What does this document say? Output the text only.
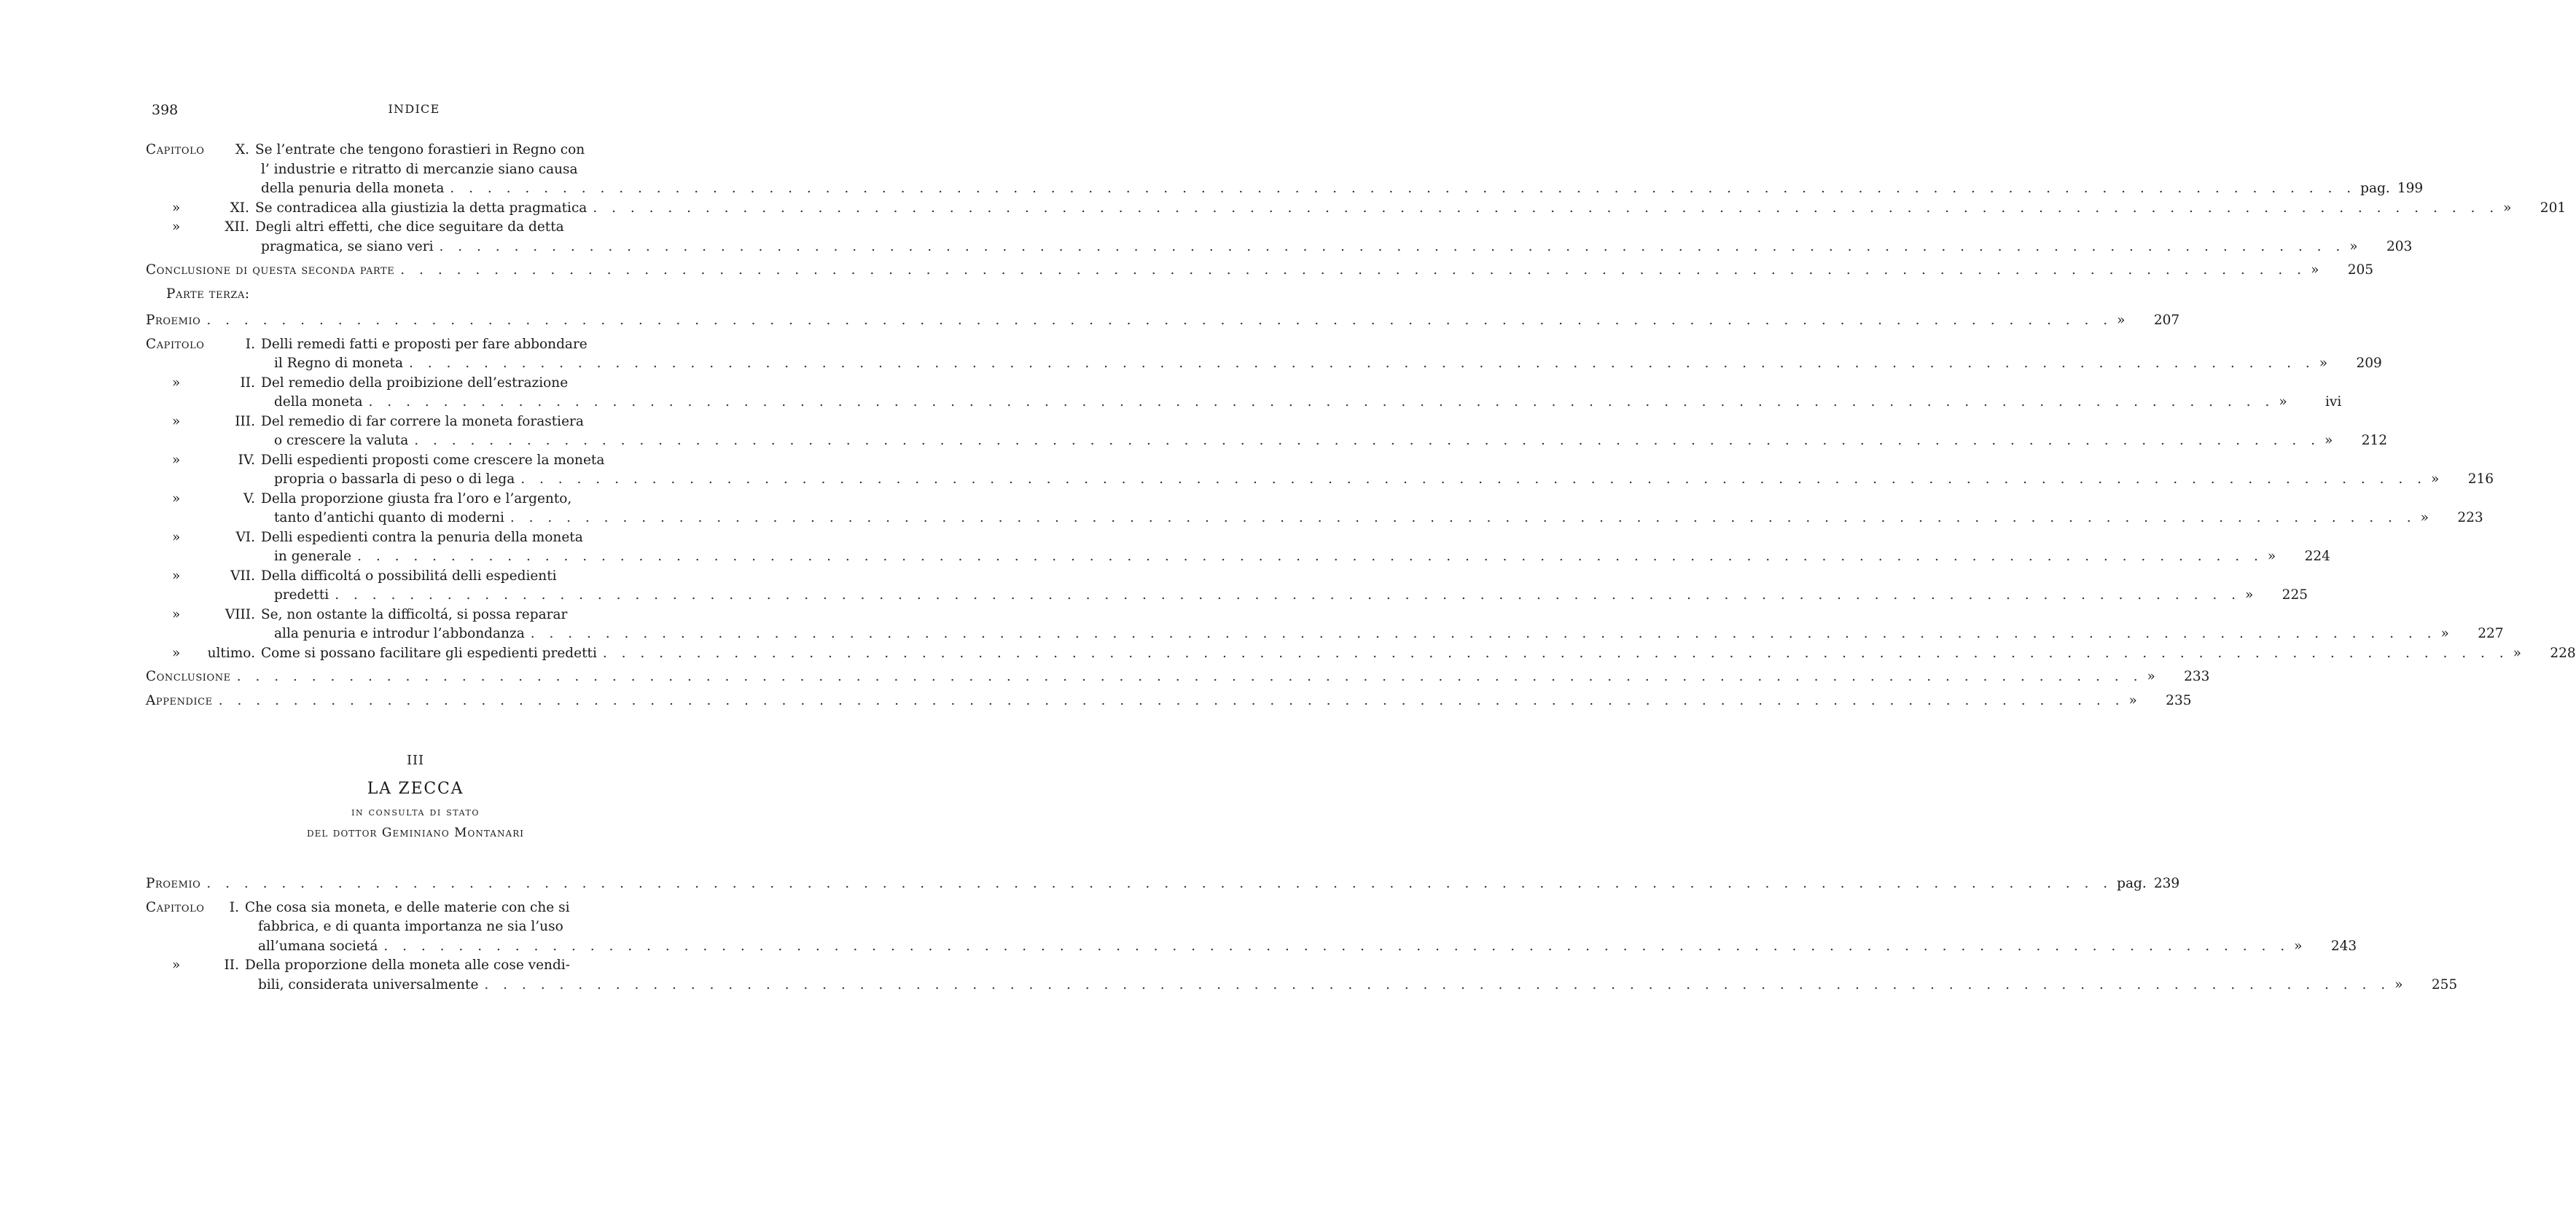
398	INDICE
Capitolo	X. Se l’entrate che tengono forastieri in Regno con
l’ industrie e ritratto di mercanzie siano causa
della penuria della moneta . . .	pag. 199
»	XI. Se contradicea alla giustizia la detta pragmatica . . .	» 201
»	XII. Degli altri effetti, che dice seguitare da detta
pragmatica, se siano veri . . .	» 203
Conclusione di questa seconda parte . . .	» 205
Parte terza:
Proemio . . .	» 207
Capitolo	I. Delli remedi fatti e proposti per fare abbondare
il Regno di moneta . . .	» 209
»	II. Del remedio della proibizione dell’estrazione
della moneta . . .	»	ivi
»	III. Del remedio di far correre la moneta forastiera
o crescere la valuta . . .	» 212
»	IV. Delli espedienti proposti come crescere la moneta
propria o bassarla di peso o di lega . . .	» 216
»	V. Della proporzione giusta fra l’oro e l’argento,
tanto d’antichi quanto di moderni . . .	» 223
»	VI. Delli espedienti contra la penuria della moneta
in generale . . .	» 224
»	VII. Della difficoltá o possibilitá delli espedienti
predetti . . .	» 225
»	VIII. Se, non ostante la difficoltá, si possa reparar
alla penuria e introdur l’abbondanza . . .	» 227
»	ultimo. Come si possano facilitare gli espedienti predetti . . .	» 228
Conclusione . . .	» 233
Appendice . . .	» 235
III
LA ZECCA
in consulta di stato
del dottor Geminiano Montanari
Proemio . . .	pag. 239
Capitolo	I. Che cosa sia moneta, e delle materie con che si
fabbrica, e di quanta importanza ne sia l’uso
all’umana societá . . .	» 243
»	II. Della proporzione della moneta alle cose vendi-
bili, considerata universalmente . . .	» 255
